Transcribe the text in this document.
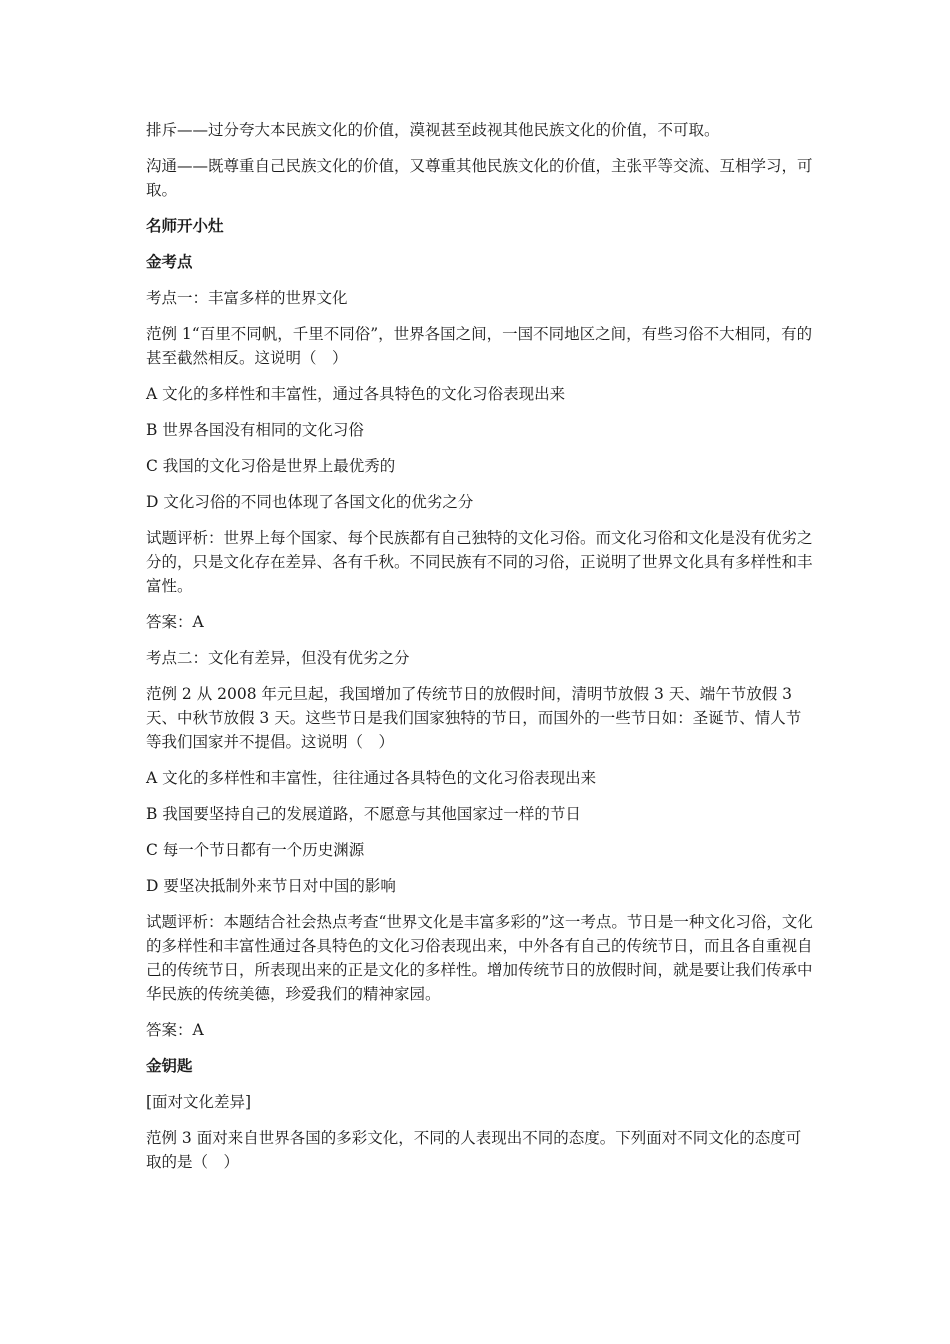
排斥——过分夸大本民族文化的价值，漠视甚至歧视其他民族文化的价值，不可取。

沟通——既尊重自己民族文化的价值，又尊重其他民族文化的价值，主张平等交流、互相学习，可取。

名师开小灶

金考点

考点一：丰富多样的世界文化

范例 1“百里不同帆，千里不同俗”，世界各国之间，一国不同地区之间，有些习俗不大相同，有的甚至截然相反。这说明（　）

A 文化的多样性和丰富性，通过各具特色的文化习俗表现出来

B 世界各国没有相同的文化习俗

C 我国的文化习俗是世界上最优秀的

D 文化习俗的不同也体现了各国文化的优劣之分

试题评析：世界上每个国家、每个民族都有自己独特的文化习俗。而文化习俗和文化是没有优劣之分的，只是文化存在差异、各有千秋。不同民族有不同的习俗，正说明了世界文化具有多样性和丰富性。

答案：A

考点二：文化有差异，但没有优劣之分

范例 2 从 2008 年元旦起，我国增加了传统节日的放假时间，清明节放假 3 天、端午节放假 3 天、中秋节放假 3 天。这些节日是我们国家独特的节日，而国外的一些节日如：圣诞节、情人节等我们国家并不提倡。这说明（　）

A 文化的多样性和丰富性，往往通过各具特色的文化习俗表现出来

B 我国要坚持自己的发展道路，不愿意与其他国家过一样的节日

C 每一个节日都有一个历史渊源

D 要坚决抵制外来节日对中国的影响

试题评析：本题结合社会热点考查“世界文化是丰富多彩的”这一考点。节日是一种文化习俗，文化的多样性和丰富性通过各具特色的文化习俗表现出来，中外各有自己的传统节日，而且各自重视自己的传统节日，所表现出来的正是文化的多样性。增加传统节日的放假时间，就是要让我们传承中华民族的传统美德，珍爱我们的精神家园。

答案：A

金钥匙

[面对文化差异]

范例 3 面对来自世界各国的多彩文化，不同的人表现出不同的态度。下列面对不同文化的态度可取的是（　）
